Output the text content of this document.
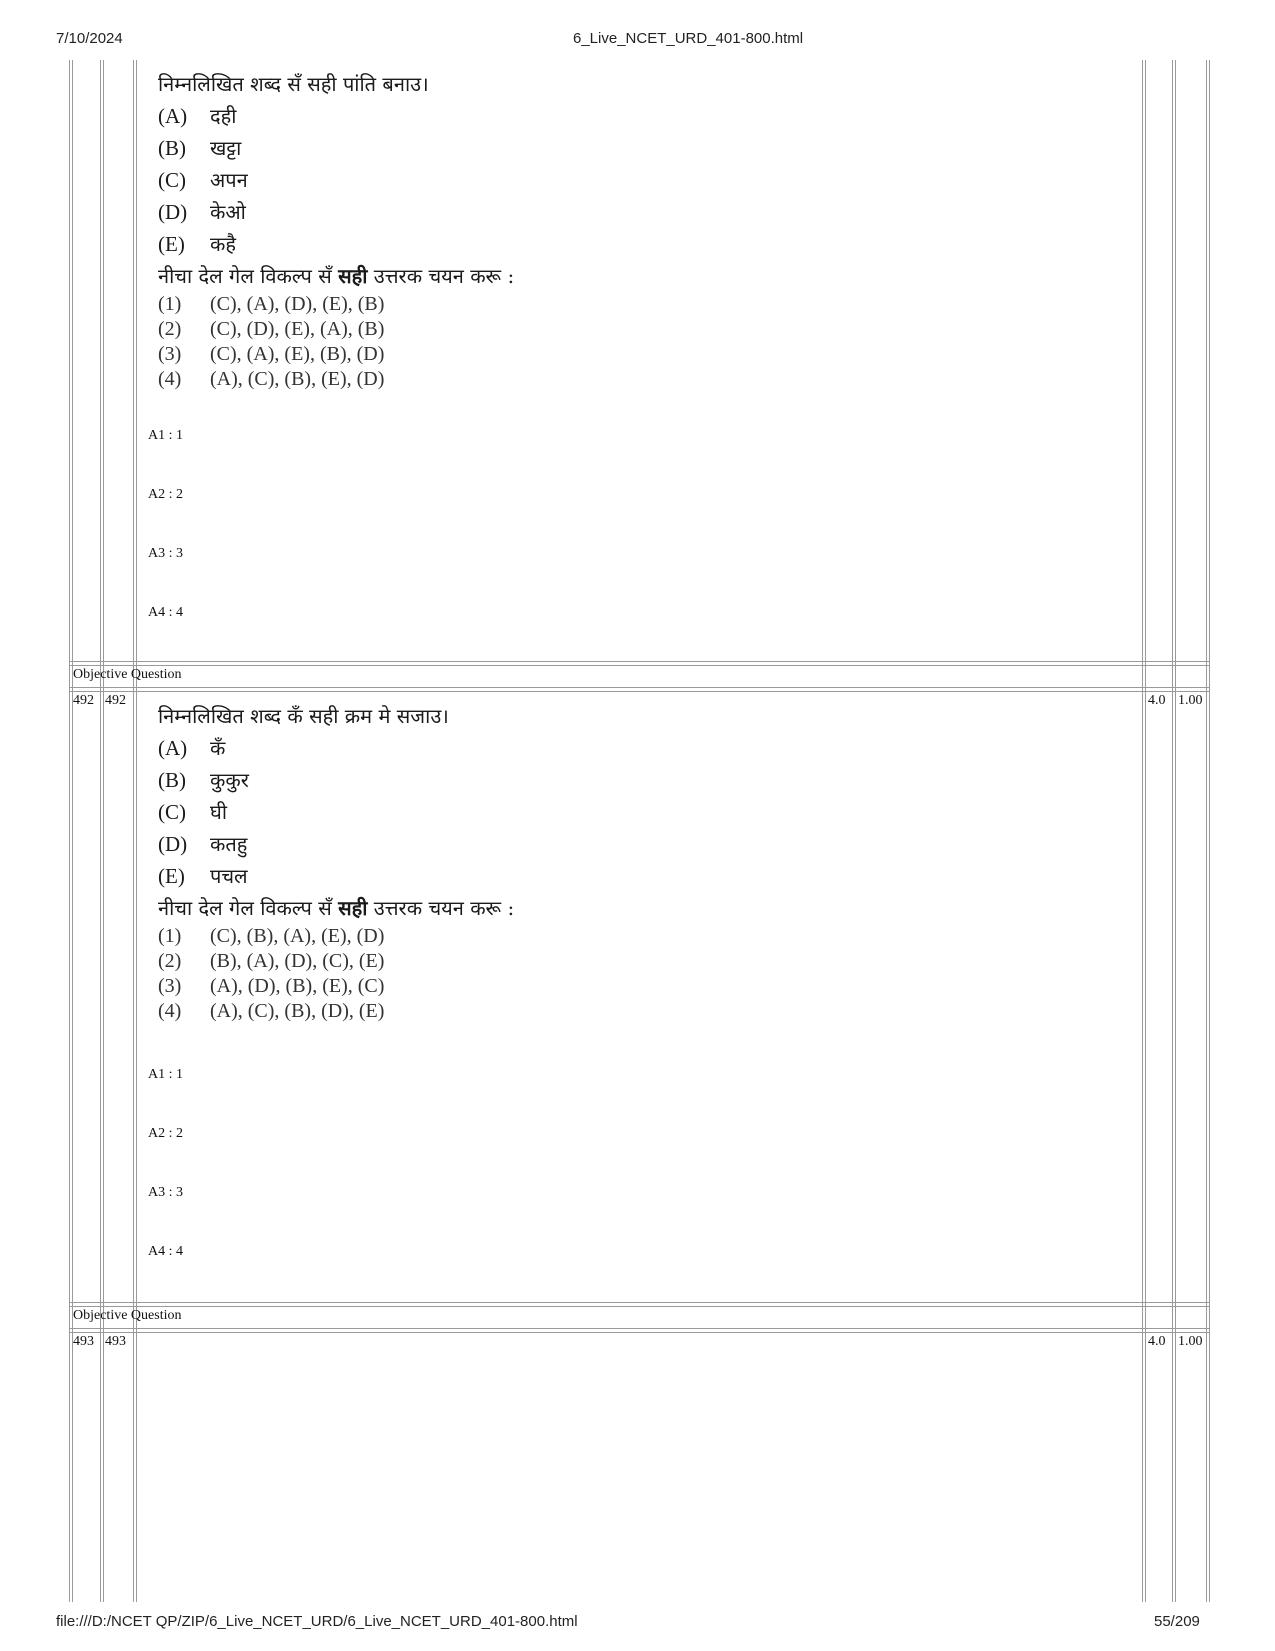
7/10/2024	6_Live_NCET_URD_401-800.html
file:///D:/NCET QP/ZIP/6_Live_NCET_URD/6_Live_NCET_URD_401-800.html	55/209
निम्नलिखित शब्द सँ सही पांति बनाउ।
(A) दही
(B) खट्टा
(C) अपन
(D) केओ
(E) कहै
नीचा देल गेल विकल्प सँ सही उत्तरक चयन करू :
(1) (C), (A), (D), (E), (B)
(2) (C), (D), (E), (A), (B)
(3) (C), (A), (E), (B), (D)
(4) (A), (C), (B), (E), (D)
A1 : 1
A2 : 2
A3 : 3
A4 : 4
Objective Question
492 492	4.0 1.00
निम्नलिखित शब्द कँ सही क्रम मे सजाउ।
(A) कँ
(B) कुकुर
(C) घी
(D) कतहु
(E) पचल
नीचा देल गेल विकल्प सँ सही उत्तरक चयन करू :
(1) (C), (B), (A), (E), (D)
(2) (B), (A), (D), (C), (E)
(3) (A), (D), (B), (E), (C)
(4) (A), (C), (B), (D), (E)
A1 : 1
A2 : 2
A3 : 3
A4 : 4
Objective Question
493 493	4.0 1.00
